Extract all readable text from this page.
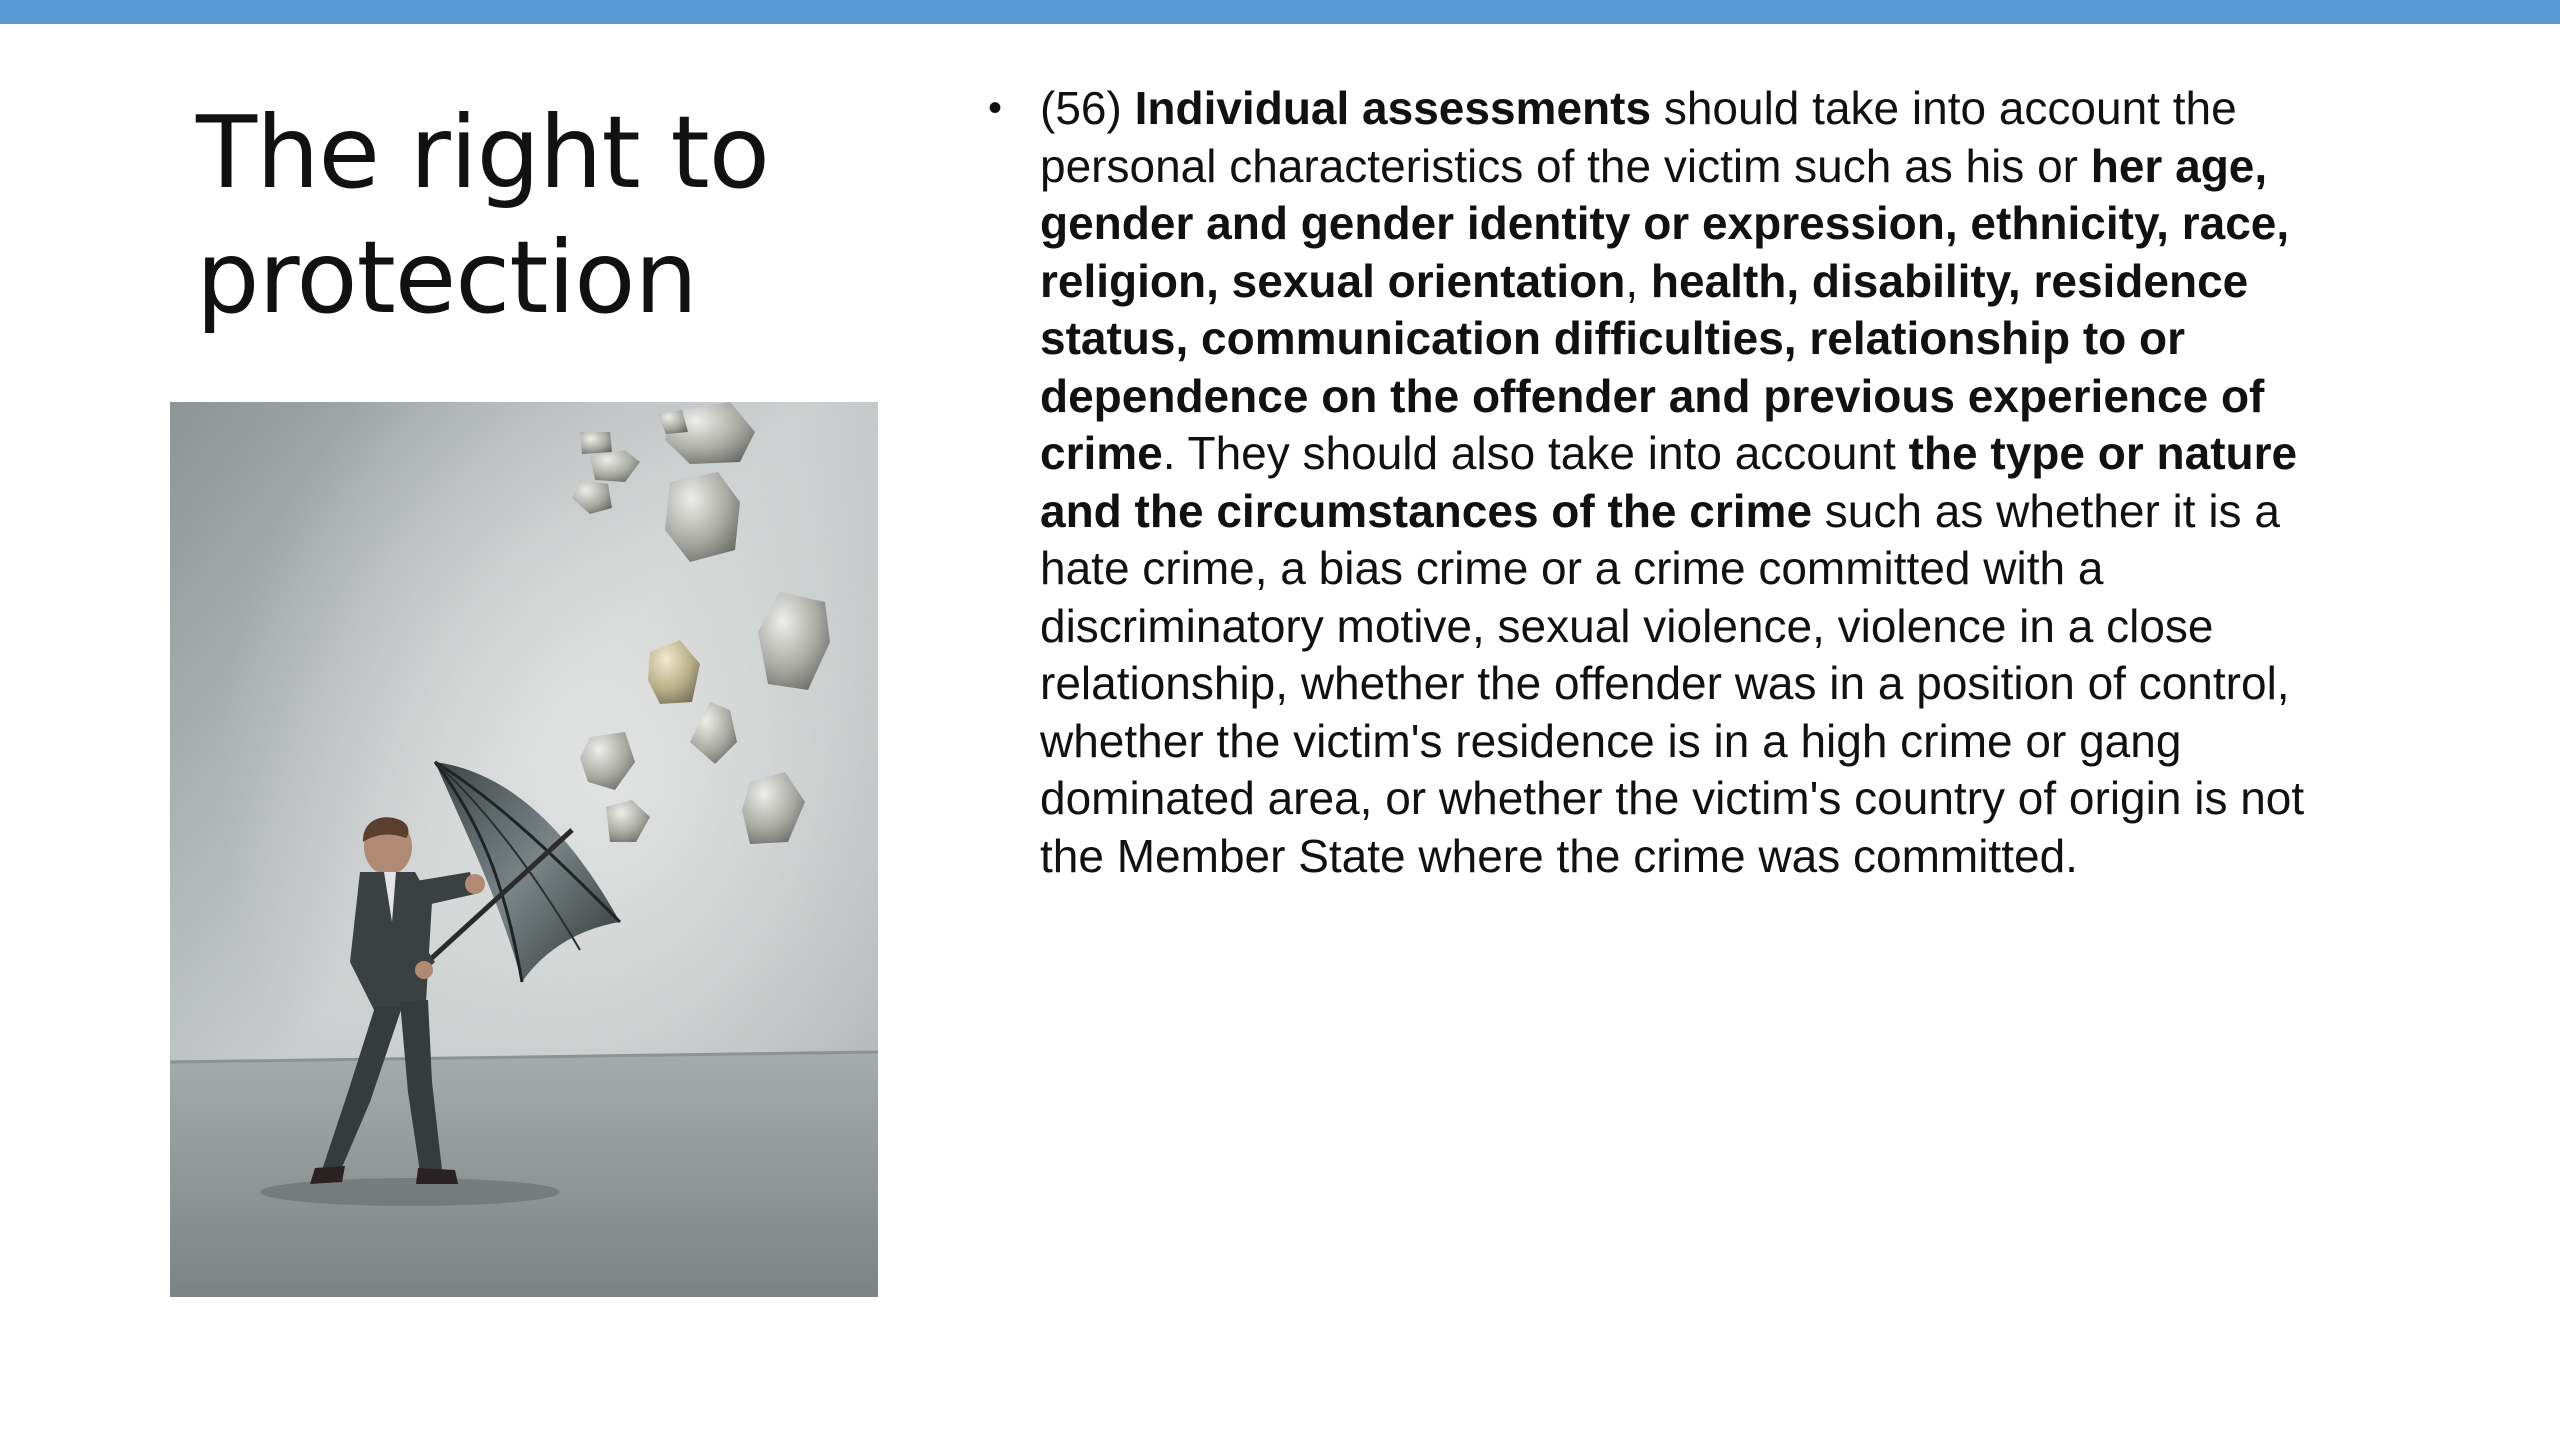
The right to protection
• (56) Individual assessments should take into account the personal characteristics of the victim such as his or her age, gender and gender identity or expression, ethnicity, race, religion, sexual orientation, health, disability, residence status, communication difficulties, relationship to or dependence on the offender and previous experience of crime. They should also take into account the type or nature and the circumstances of the crime such as whether it is a hate crime, a bias crime or a crime committed with a discriminatory motive, sexual violence, violence in a close relationship, whether the offender was in a position of control, whether the victim's residence is in a high crime or gang dominated area, or whether the victim's country of origin is not the Member State where the crime was committed.
